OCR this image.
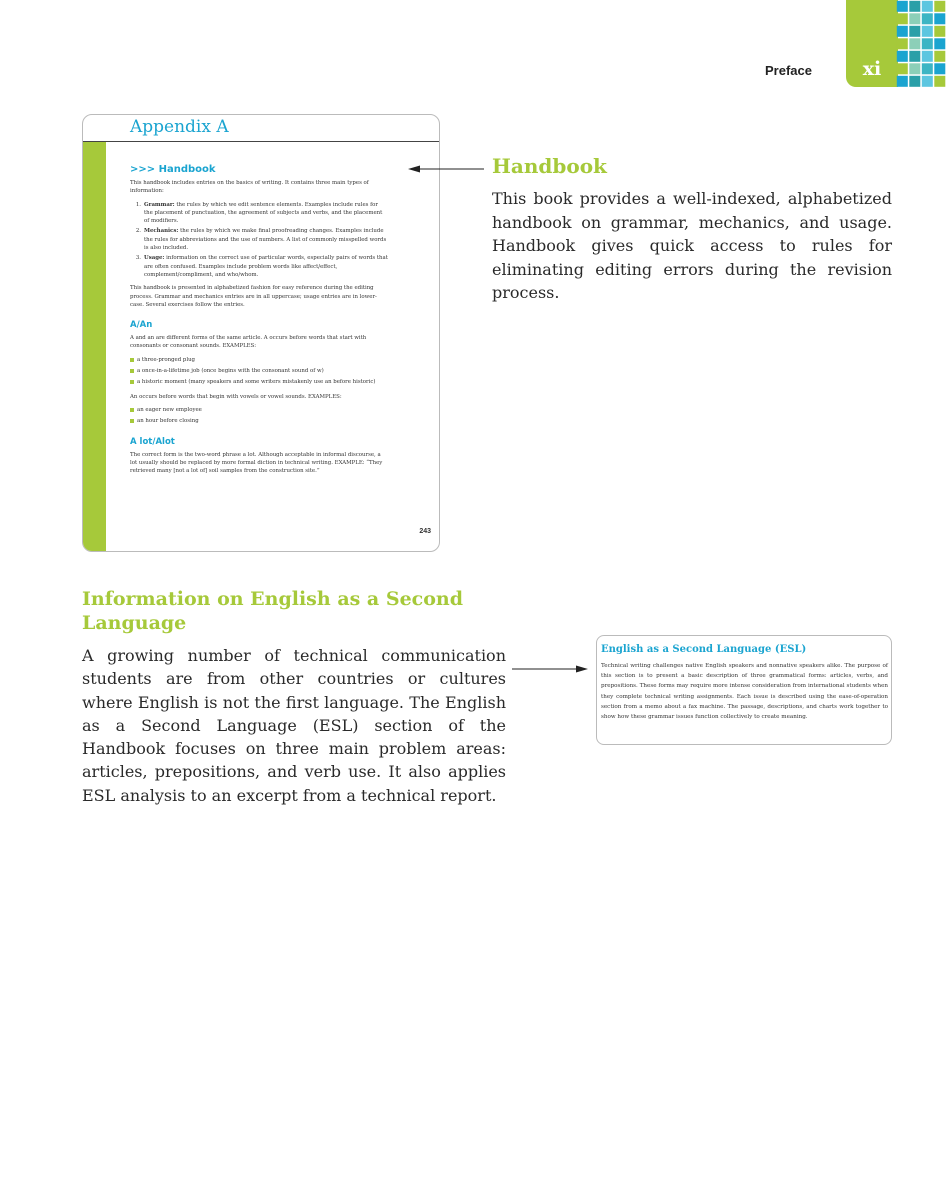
Preface	xi
Appendix A
>>> Handbook
This handbook includes entries on the basics of writing. It contains three main types of information:
1. Grammar: the rules by which we edit sentence elements. Examples include rules for the placement of punctuation, the agreement of subjects and verbs, and the placement of modifiers.
2. Mechanics: the rules by which we make final proofreading changes. Examples include the rules for abbreviations and the use of numbers. A list of commonly misspelled words is also included.
3. Usage: information on the correct use of particular words, especially pairs of words that are often confused. Examples include problem words like affect/effect, complement/compliment, and who/whom.
This handbook is presented in alphabetized fashion for easy reference during the editing process. Grammar and mechanics entries are in all uppercase; usage entries are in lower-case. Several exercises follow the entries.
A/An
A and an are different forms of the same article. A occurs before words that start with consonants or consonant sounds. EXAMPLES:
a three-pronged plug
a once-in-a-lifetime job (once begins with the consonant sound of w)
a historic moment (many speakers and some writers mistakenly use an before historic)
An occurs before words that begin with vowels or vowel sounds. EXAMPLES:
an eager new employee
an hour before closing
A lot/Alot
The correct form is the two-word phrase a lot. Although acceptable in informal discourse, a lot usually should be replaced by more formal diction in technical writing. EXAMPLE: “They retrieved many [not a lot of] soil samples from the construction site.”
243
Handbook
This book provides a well-indexed, alphabetized handbook on grammar, mechanics, and usage. Handbook gives quick access to rules for eliminating editing errors during the revision process.
Information on English as a Second Language
A growing number of technical communication students are from other countries or cultures where English is not the first language. The English as a Second Language (ESL) section of the Handbook focuses on three main problem areas: articles, prepositions, and verb use. It also applies ESL analysis to an excerpt from a technical report.
English as a Second Language (ESL)
Technical writing challenges native English speakers and nonnative speakers alike. The purpose of this section is to present a basic description of three grammatical forms: articles, verbs, and prepositions. These forms may require more intense consideration from international students when they complete technical writing assignments. Each issue is described using the ease-of-operation section from a memo about a fax machine. The passage, descriptions, and charts work together to show how these grammar issues function collectively to create meaning.
